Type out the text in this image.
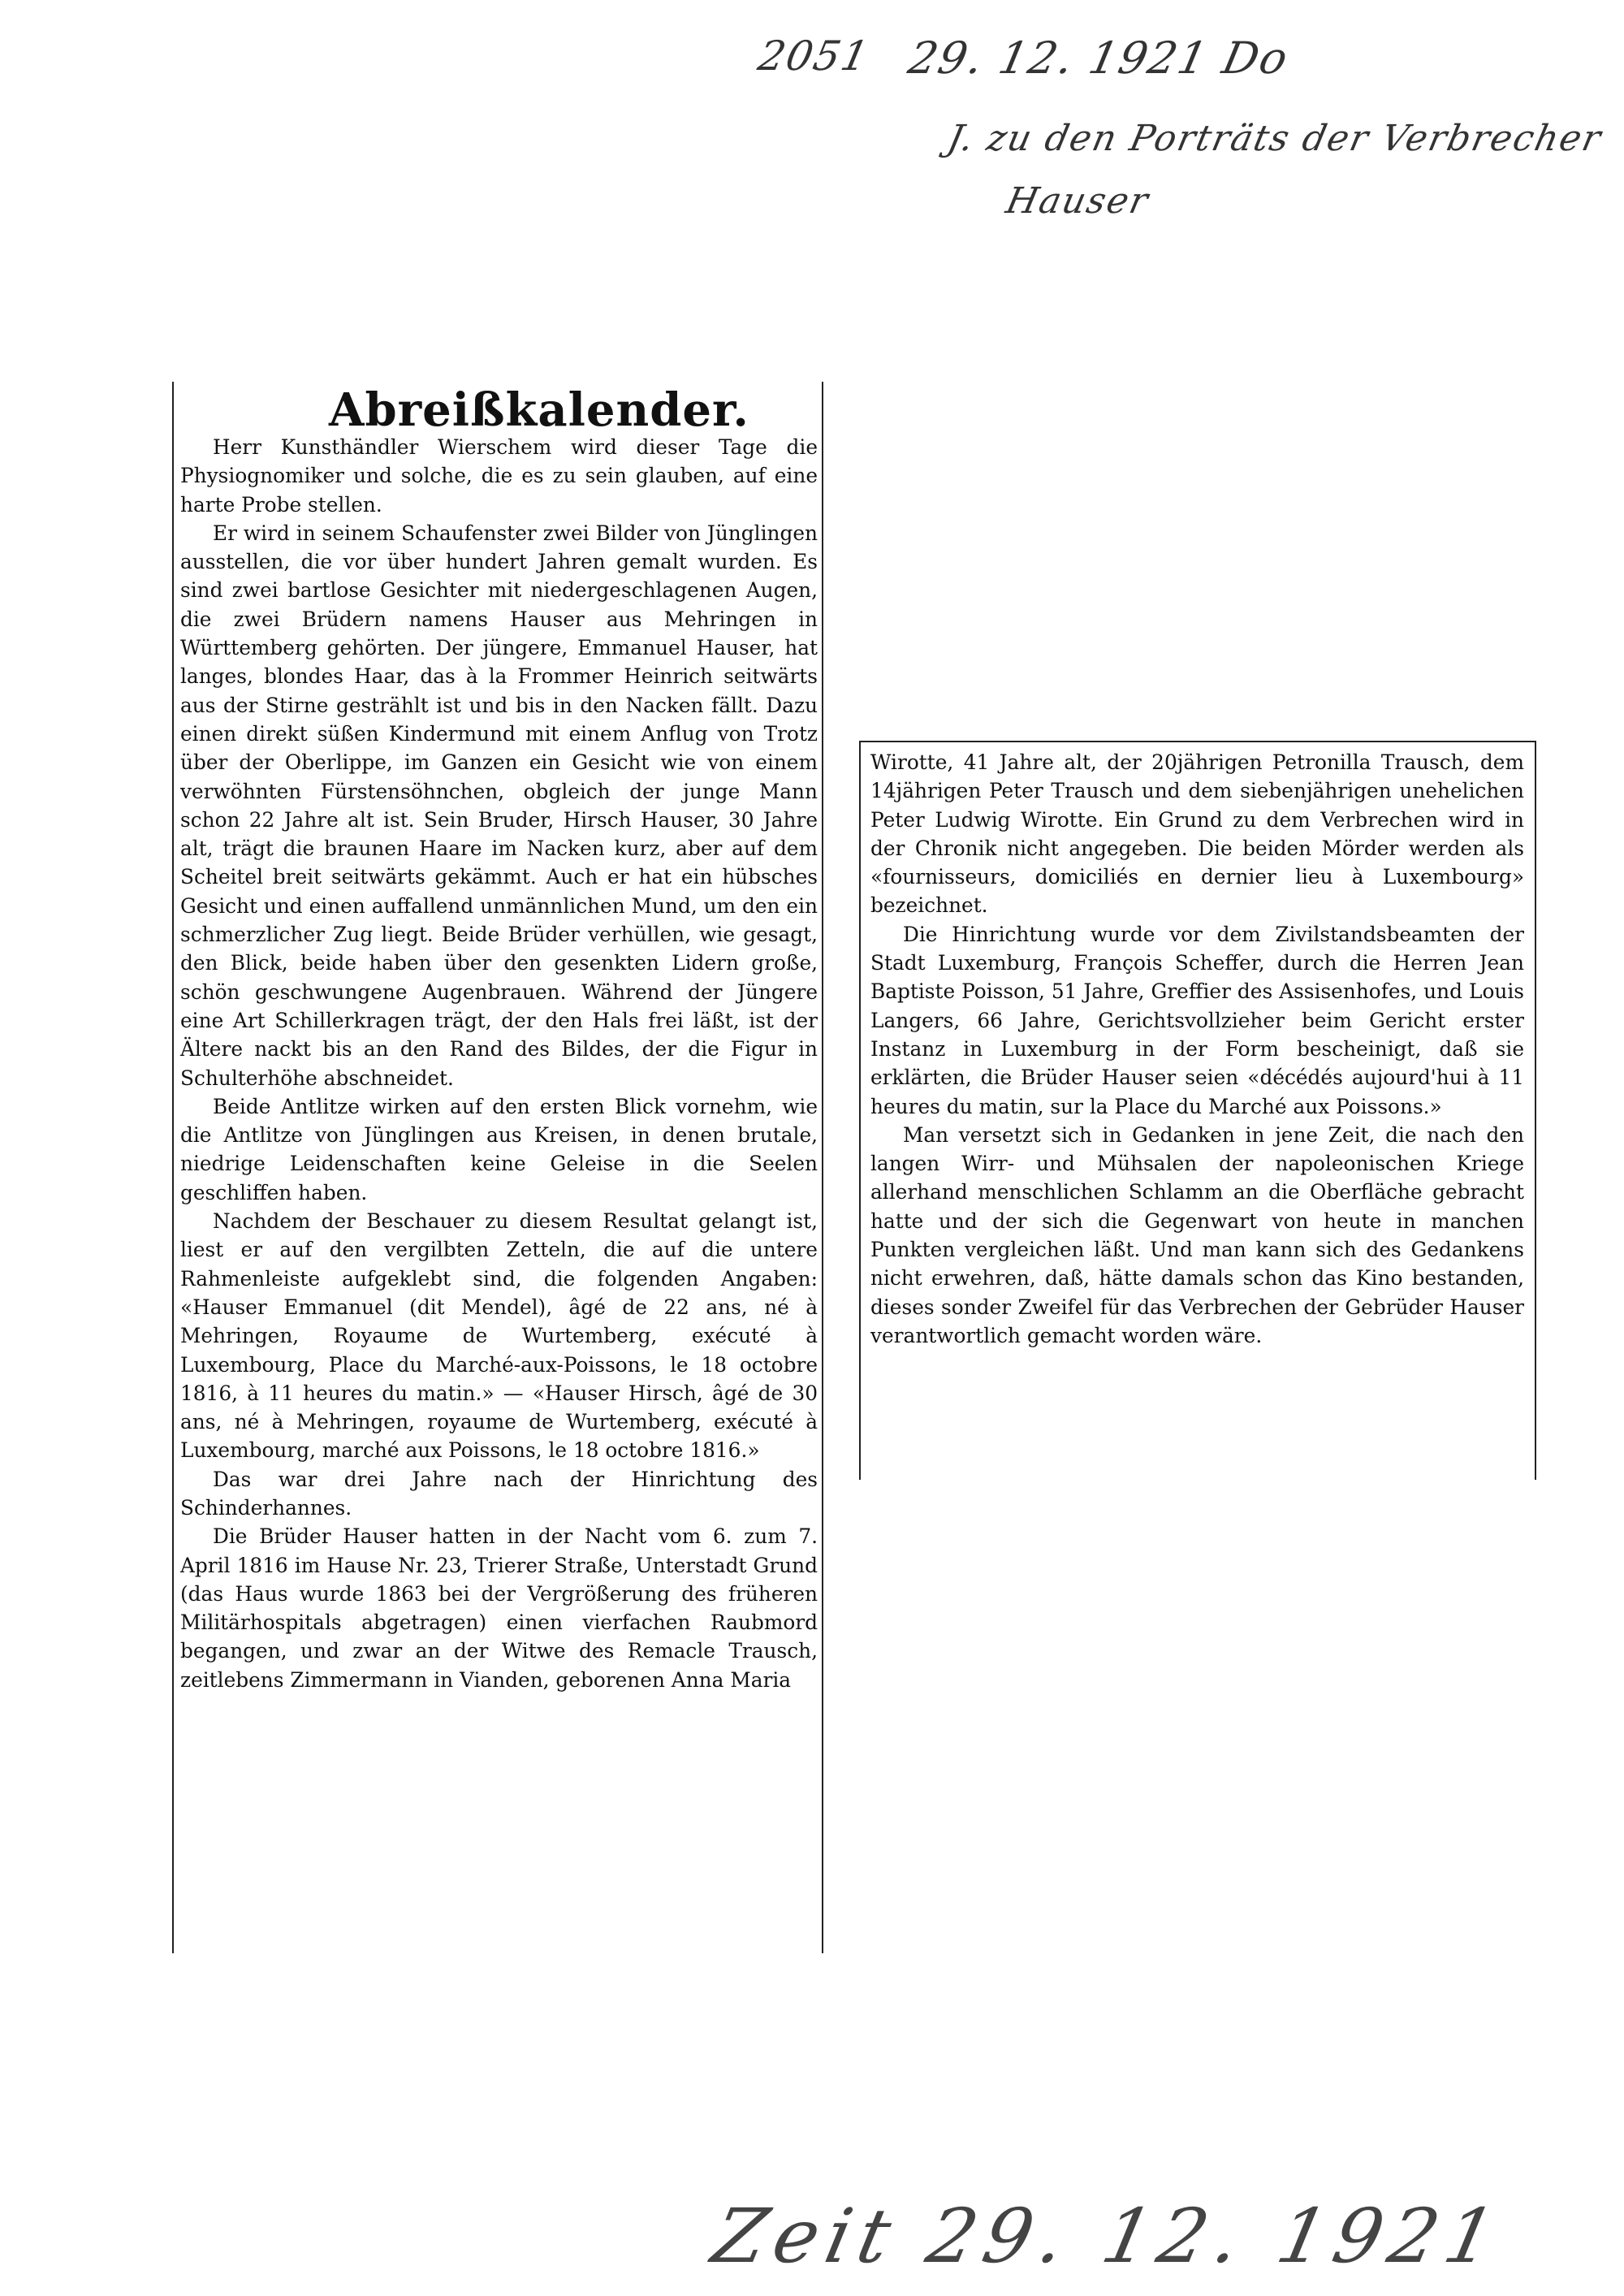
2051 29. 12. 1921 Do
J. zu den Porträts der Verbrecher
Hauser
Abreißkalender.

Herr Kunsthändler Wierschem wird dieser Tage die Physiognomiker und solche, die es zu sein glauben, auf eine harte Probe stellen.

Er wird in seinem Schaufenster zwei Bilder von Jünglingen ausstellen, die vor über hundert Jahren gemalt wurden. Es sind zwei bartlose Gesichter mit niedergeschlagenen Augen, die zwei Brüdern namens Hauser aus Mehringen in Württemberg gehörten. Der jüngere, Emmanuel Hauser, hat langes, blondes Haar, das à la Frommer Heinrich seitwärts aus der Stirne gestrählt ist und bis in den Nacken fällt. Dazu einen direkt süßen Kindermund mit einem Anflug von Trotz über der Oberlippe, im Ganzen ein Gesicht wie von einem verwöhnten Fürstensöhnchen, obgleich der junge Mann schon 22 Jahre alt ist. Sein Bruder, Hirsch Hauser, 30 Jahre alt, trägt die braunen Haare im Nacken kurz, aber auf dem Scheitel breit seitwärts gekämmt. Auch er hat ein hübsches Gesicht und einen auffallend unmännlichen Mund, um den ein schmerzlicher Zug liegt. Beide Brüder verhüllen, wie gesagt, den Blick, beide haben über den gesenkten Lidern große, schön geschwungene Augenbrauen. Während der Jüngere eine Art Schillerkragen trägt, der den Hals frei läßt, ist der Ältere nackt bis an den Rand des Bildes, der die Figur in Schulterhöhe abschneidet.

Beide Antlitze wirken auf den ersten Blick vornehm, wie die Antlitze von Jünglingen aus Kreisen, in denen brutale, niedrige Leidenschaften keine Geleise in die Seelen geschliffen haben.

Nachdem der Beschauer zu diesem Resultat gelangt ist, liest er auf den vergilbten Zetteln, die auf die untere Rahmenleiste aufgeklebt sind, die folgenden Angaben: «Hauser Emmanuel (dit Mendel), âgé de 22 ans, né à Mehringen, Royaume de Wurtemberg, exécuté à Luxembourg, Place du Marché-aux-Poissons, le 18 octobre 1816, à 11 heures du matin.» — «Hauser Hirsch, âgé de 30 ans, né à Mehringen, royaume de Wurtemberg, exécuté à Luxembourg, marché aux Poissons, le 18 octobre 1816.»

Das war drei Jahre nach der Hinrichtung des Schinderhannes.

Die Brüder Hauser hatten in der Nacht vom 6. zum 7. April 1816 im Hause Nr. 23, Trierer Straße, Unterstadt Grund (das Haus wurde 1863 bei der Vergrößerung des früheren Militärhospitals abgetragen) einen vierfachen Raubmord begangen, und zwar an der Witwe des Remacle Trausch, zeitlebens Zimmermann in Vianden, geborenen Anna Maria

Wirotte, 41 Jahre alt, der 20jährigen Petronilla Trausch, dem 14jährigen Peter Trausch und dem siebenjährigen unehelichen Peter Ludwig Wirotte. Ein Grund zu dem Verbrechen wird in der Chronik nicht angegeben. Die beiden Mörder werden als «fournisseurs, domiciliés en dernier lieu à Luxembourg» bezeichnet.

Die Hinrichtung wurde vor dem Zivilstandsbeamten der Stadt Luxemburg, François Scheffer, durch die Herren Jean Baptiste Poisson, 51 Jahre, Greffier des Assisenhofes, und Louis Langers, 66 Jahre, Gerichtsvollzieher beim Gericht erster Instanz in Luxemburg in der Form bescheinigt, daß sie erklärten, die Brüder Hauser seien «décédés aujourd'hui à 11 heures du matin, sur la Place du Marché aux Poissons.»

Man versetzt sich in Gedanken in jene Zeit, die nach den langen Wirr- und Mühsalen der napoleonischen Kriege allerhand menschlichen Schlamm an die Oberfläche gebracht hatte und der sich die Gegenwart von heute in manchen Punkten vergleichen läßt. Und man kann sich des Gedankens nicht erwehren, daß, hätte damals schon das Kino bestanden, dieses sonder Zweifel für das Verbrechen der Gebrüder Hauser verantwortlich gemacht worden wäre.

Zeit 29. 12. 1921
